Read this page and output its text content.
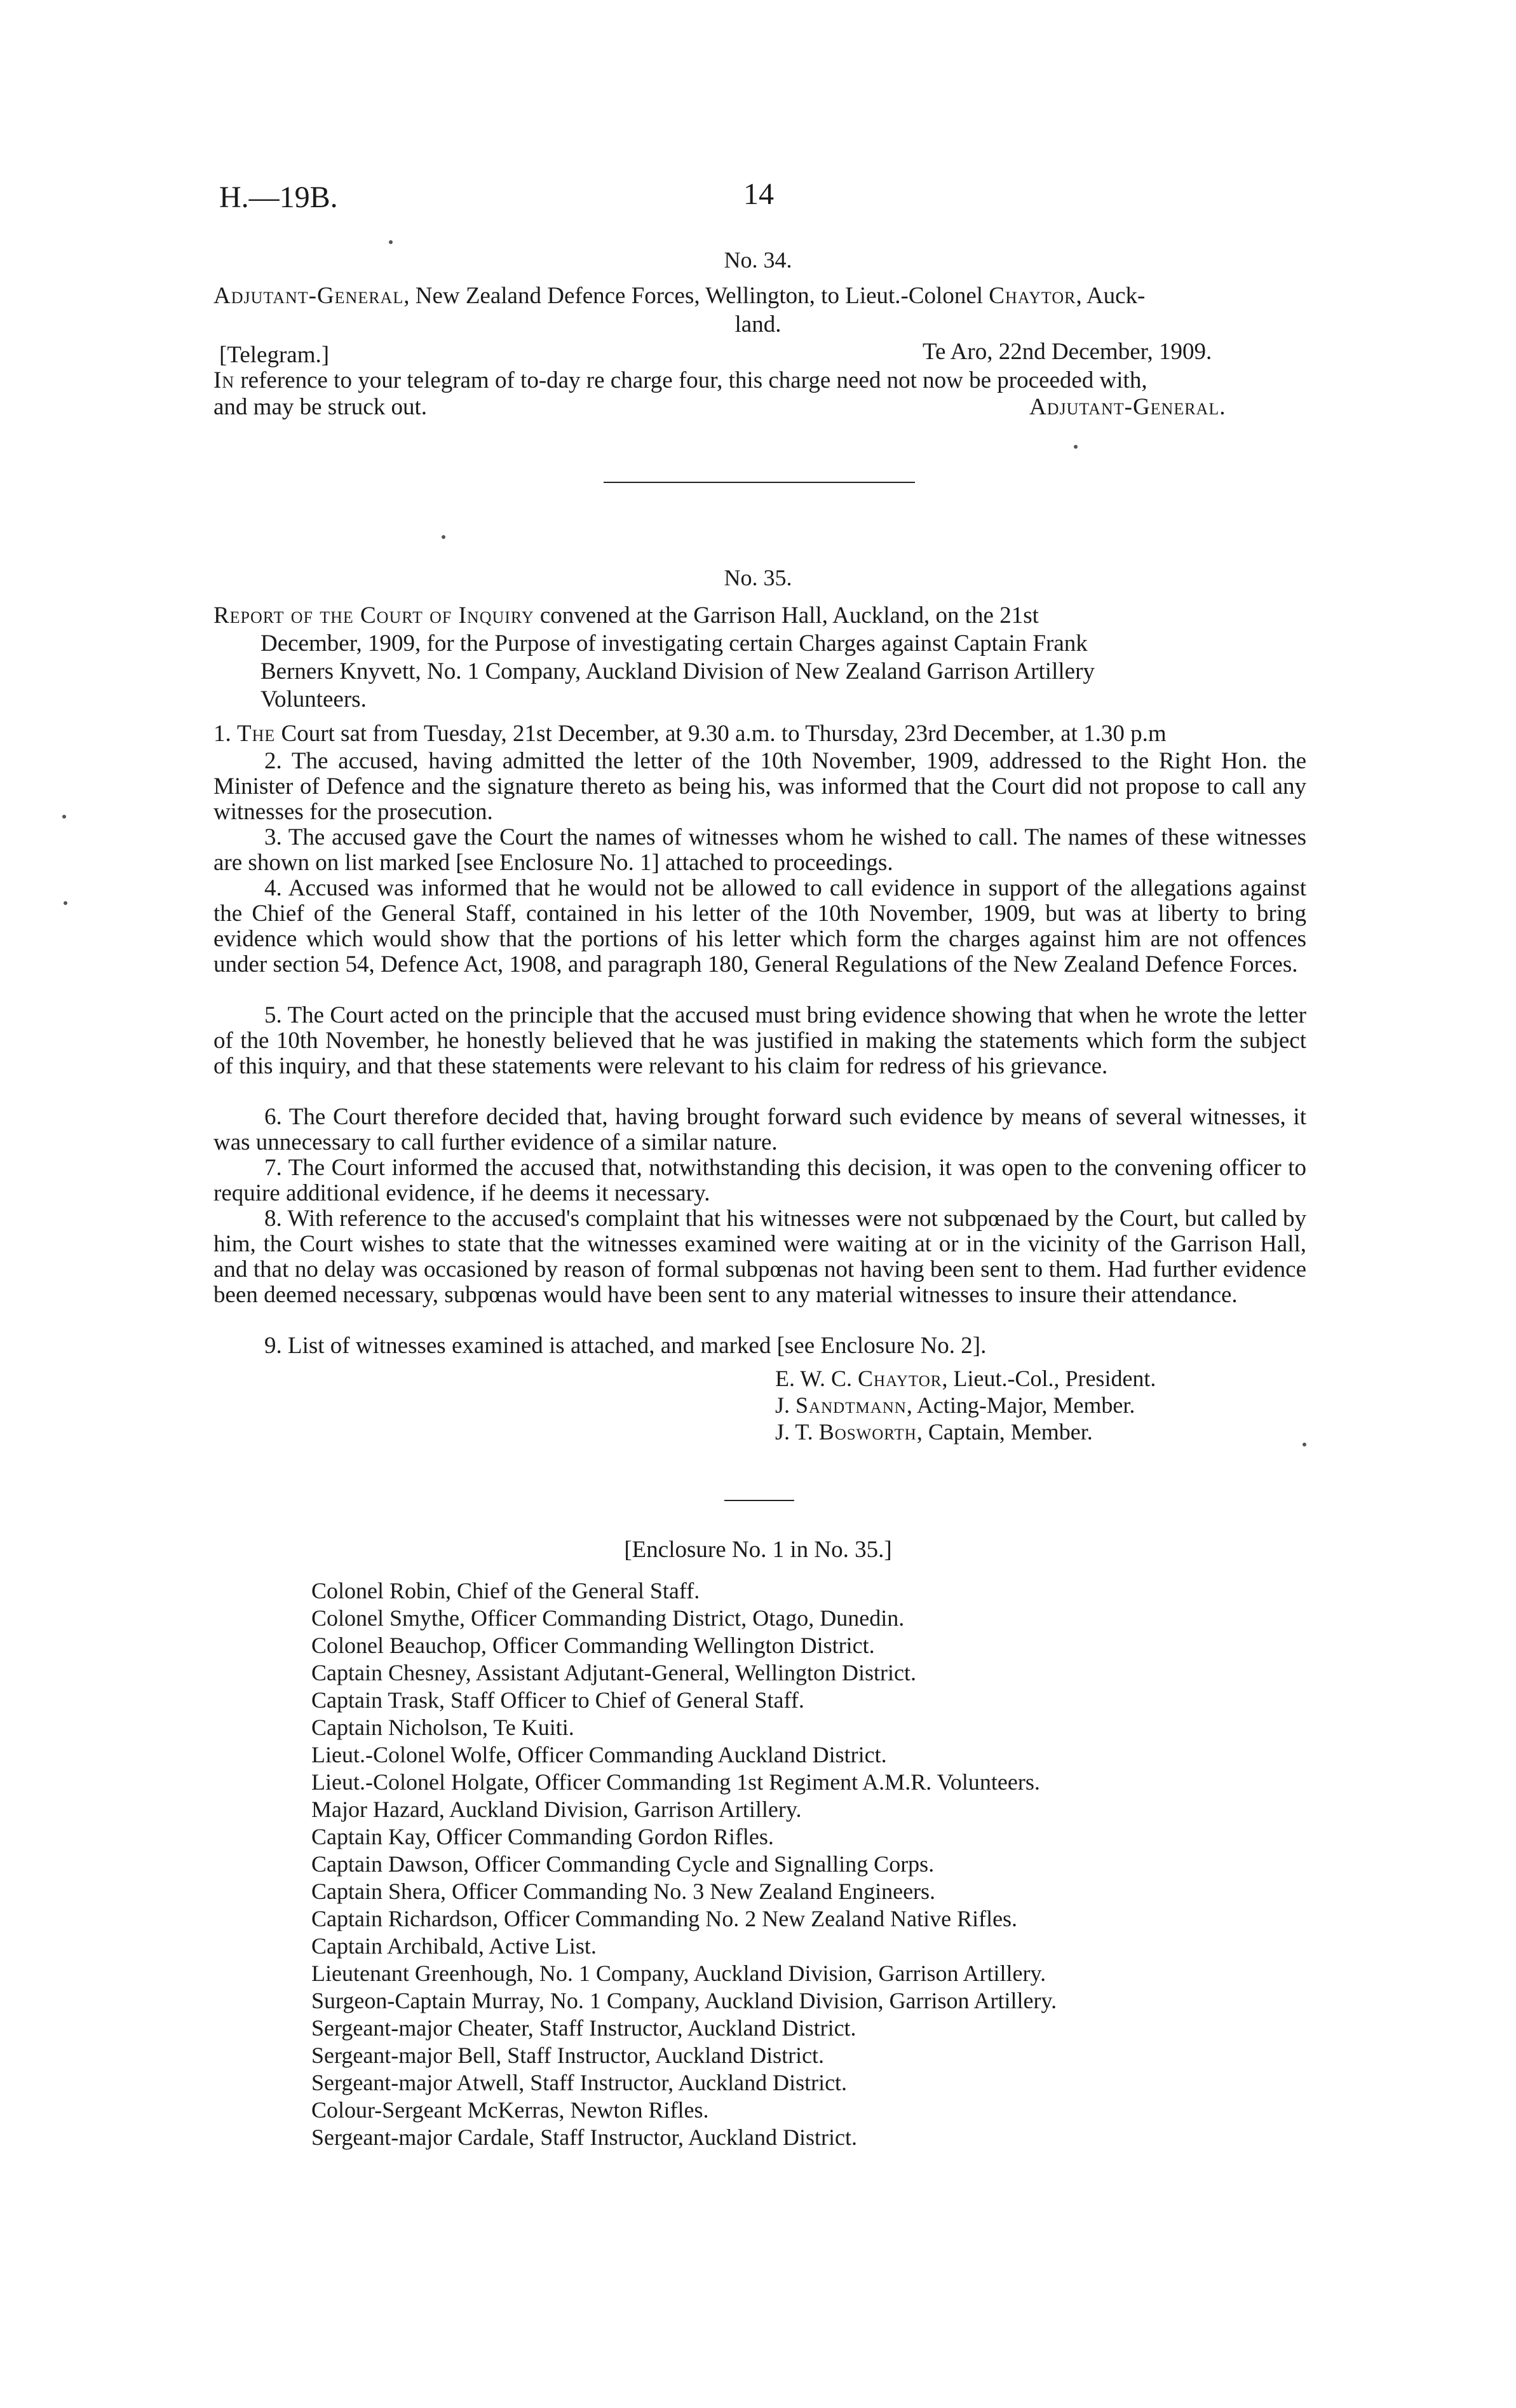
H.—19B.	14
No. 34.
Adjutant-General, New Zealand Defence Forces, Wellington, to Lieut.-Colonel Chaytor, Auck-
land.
[Telegram.]	Te Aro, 22nd December, 1909.
In reference to your telegram of to-day re charge four, this charge need not now be proceeded with,
and may be struck out.	Adjutant-General.
No. 35.
Report of the Court of Inquiry convened at the Garrison Hall, Auckland, on the 21st
December, 1909, for the Purpose of investigating certain Charges against Captain Frank
Berners Knyvett, No. 1 Company, Auckland Division of New Zealand Garrison Artillery
Volunteers.
1. The Court sat from Tuesday, 21st December, at 9.30 a.m. to Thursday, 23rd December, at 1.30 p.m
2. The accused, having admitted the letter of the 10th November, 1909, addressed to the Right Hon. the Minister of Defence and the signature thereto as being his, was informed that the Court did not propose to call any witnesses for the prosecution.
3. The accused gave the Court the names of witnesses whom he wished to call. The names of these witnesses are shown on list marked [see Enclosure No. 1] attached to proceedings.
4. Accused was informed that he would not be allowed to call evidence in support of the allegations against the Chief of the General Staff, contained in his letter of the 10th November, 1909, but was at liberty to bring evidence which would show that the portions of his letter which form the charges against him are not offences under section 54, Defence Act, 1908, and paragraph 180, General Regulations of the New Zealand Defence Forces.
5. The Court acted on the principle that the accused must bring evidence showing that when he wrote the letter of the 10th November, he honestly believed that he was justified in making the statements which form the subject of this inquiry, and that these statements were relevant to his claim for redress of his grievance.
6. The Court therefore decided that, having brought forward such evidence by means of several witnesses, it was unnecessary to call further evidence of a similar nature.
7. The Court informed the accused that, notwithstanding this decision, it was open to the convening officer to require additional evidence, if he deems it necessary.
8. With reference to the accused's complaint that his witnesses were not subpœnaed by the Court, but called by him, the Court wishes to state that the witnesses examined were waiting at or in the vicinity of the Garrison Hall, and that no delay was occasioned by reason of formal subpœnas not having been sent to them. Had further evidence been deemed necessary, subpœnas would have been sent to any material witnesses to insure their attendance.
9. List of witnesses examined is attached, and marked [see Enclosure No. 2].
E. W. C. Chaytor, Lieut.-Col., President.
J. Sandtmann, Acting-Major, Member.
J. T. Bosworth, Captain, Member.
[Enclosure No. 1 in No. 35.]
Colonel Robin, Chief of the General Staff.
Colonel Smythe, Officer Commanding District, Otago, Dunedin.
Colonel Beauchop, Officer Commanding Wellington District.
Captain Chesney, Assistant Adjutant-General, Wellington District.
Captain Trask, Staff Officer to Chief of General Staff.
Captain Nicholson, Te Kuiti.
Lieut.-Colonel Wolfe, Officer Commanding Auckland District.
Lieut.-Colonel Holgate, Officer Commanding 1st Regiment A.M.R. Volunteers.
Major Hazard, Auckland Division, Garrison Artillery.
Captain Kay, Officer Commanding Gordon Rifles.
Captain Dawson, Officer Commanding Cycle and Signalling Corps.
Captain Shera, Officer Commanding No. 3 New Zealand Engineers.
Captain Richardson, Officer Commanding No. 2 New Zealand Native Rifles.
Captain Archibald, Active List.
Lieutenant Greenhough, No. 1 Company, Auckland Division, Garrison Artillery.
Surgeon-Captain Murray, No. 1 Company, Auckland Division, Garrison Artillery.
Sergeant-major Cheater, Staff Instructor, Auckland District.
Sergeant-major Bell, Staff Instructor, Auckland District.
Sergeant-major Atwell, Staff Instructor, Auckland District.
Colour-Sergeant McKerras, Newton Rifles.
Sergeant-major Cardale, Staff Instructor, Auckland District.
